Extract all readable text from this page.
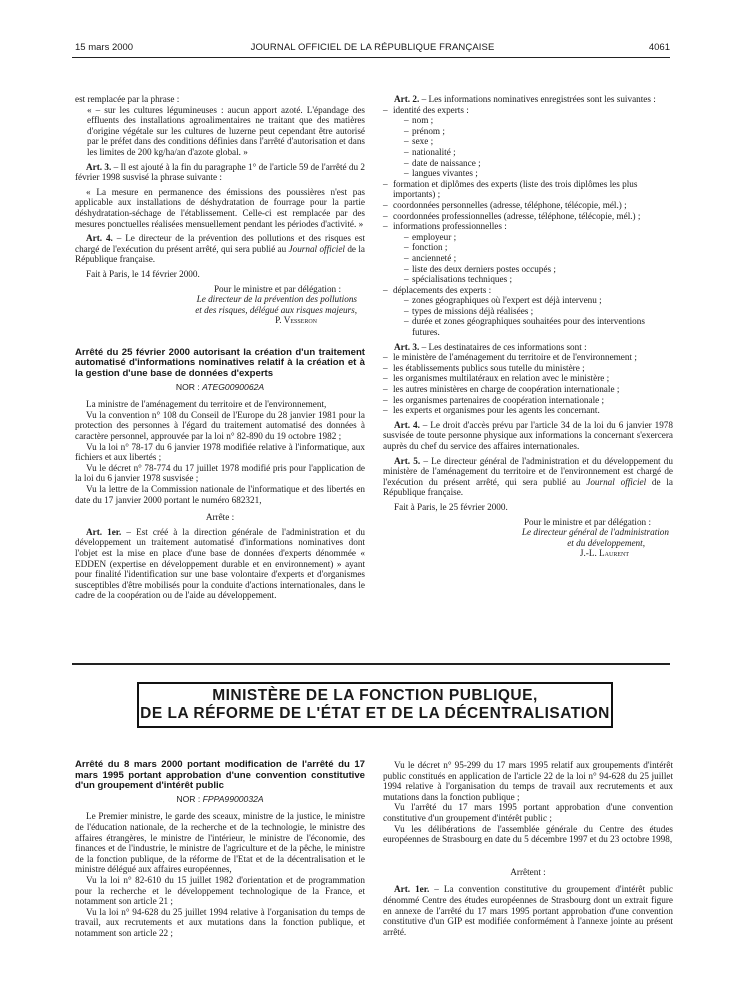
15 mars 2000	JOURNAL OFFICIEL DE LA RÉPUBLIQUE FRANÇAISE	4061

est remplacée par la phrase :

« – sur les cultures légumineuses : aucun apport azoté. L'épandage des effluents des installations agroalimentaires ne traitant que des matières d'origine végétale sur les cultures de luzerne peut cependant être autorisé par le préfet dans des conditions définies dans l'arrêté d'autorisation et dans les limites de 200 kg/ha/an d'azote global. »

Art. 3. – Il est ajouté à la fin du paragraphe 1° de l'article 59 de l'arrêté du 2 février 1998 susvisé la phrase suivante :

« La mesure en permanence des émissions des poussières n'est pas applicable aux installations de déshydratation de fourrage pour la partie déshydratation-séchage de l'établissement. Celle-ci est remplacée par des mesures ponctuelles réalisées mensuellement pendant les périodes d'activité. »

Art. 4. – Le directeur de la prévention des pollutions et des risques est chargé de l'exécution du présent arrêté, qui sera publié au Journal officiel de la République française.

Fait à Paris, le 14 février 2000.

Pour le ministre et par délégation :

Le directeur de la prévention des pollutions

et des risques, délégué aux risques majeurs,

P. Vesseron

Arrêté du 25 février 2000 autorisant la création d'un traitement automatisé d'informations nominatives relatif à la création et à la gestion d'une base de données d'experts

NOR : ATEG0090062A

La ministre de l'aménagement du territoire et de l'environnement,

Vu la convention n° 108 du Conseil de l'Europe du 28 janvier 1981 pour la protection des personnes à l'égard du traitement automatisé des données à caractère personnel, approuvée par la loi n° 82-890 du 19 octobre 1982 ;

Vu la loi n° 78-17 du 6 janvier 1978 modifiée relative à l'informatique, aux fichiers et aux libertés ;

Vu le décret n° 78-774 du 17 juillet 1978 modifié pris pour l'application de la loi du 6 janvier 1978 susvisée ;

Vu la lettre de la Commission nationale de l'informatique et des libertés en date du 17 janvier 2000 portant le numéro 682321,

Arrête :

Art. 1er. – Est créé à la direction générale de l'administration et du développement un traitement automatisé d'informations nominatives dont l'objet est la mise en place d'une base de données d'experts dénommée « EDDEN (expertise en développement durable et en environnement) » ayant pour finalité l'identification sur une base volontaire d'experts et d'organismes susceptibles d'être mobilisés pour la conduite d'actions internationales, dans le cadre de la coopération ou de l'aide au développement.

Art. 2. – Les informations nominatives enregistrées sont les suivantes :

– identité des experts :
– nom ;
– prénom ;
– sexe ;
– nationalité ;
– date de naissance ;
– langues vivantes ;
– formation et diplômes des experts (liste des trois diplômes les plus importants) ;
– coordonnées personnelles (adresse, téléphone, télécopie, mél.) ;
– coordonnées professionnelles (adresse, téléphone, télécopie, mél.) ;
– informations professionnelles :
– employeur ;
– fonction ;
– ancienneté ;
– liste des deux derniers postes occupés ;
– spécialisations techniques ;
– déplacements des experts :
– zones géographiques où l'expert est déjà intervenu ;
– types de missions déjà réalisées ;
– durée et zones géographiques souhaitées pour des interventions futures.

Art. 3. – Les destinataires de ces informations sont :

– le ministère de l'aménagement du territoire et de l'environnement ;
– les établissements publics sous tutelle du ministère ;
– les organismes multilatéraux en relation avec le ministère ;
– les autres ministères en charge de coopération internationale ;
– les organismes partenaires de coopération internationale ;
– les experts et organismes pour les agents les concernant.

Art. 4. – Le droit d'accès prévu par l'article 34 de la loi du 6 janvier 1978 susvisée de toute personne physique aux informations la concernant s'exercera auprès du chef du service des affaires internationales.

Art. 5. – Le directeur général de l'administration et du développement du ministère de l'aménagement du territoire et de l'environnement est chargé de l'exécution du présent arrêté, qui sera publié au Journal officiel de la République française.

Fait à Paris, le 25 février 2000.

Pour le ministre et par délégation :

Le directeur général de l'administration

et du développement,

J.-L. Laurent

MINISTÈRE DE LA FONCTION PUBLIQUE,
DE LA RÉFORME DE L'ÉTAT ET DE LA DÉCENTRALISATION

Arrêté du 8 mars 2000 portant modification de l'arrêté du 17 mars 1995 portant approbation d'une convention constitutive d'un groupement d'intérêt public

NOR : FPPA9900032A

Le Premier ministre, le garde des sceaux, ministre de la justice, le ministre de l'éducation nationale, de la recherche et de la technologie, le ministre des affaires étrangères, le ministre de l'intérieur, le ministre de l'économie, des finances et de l'industrie, le ministre de l'agriculture et de la pêche, le ministre de la fonction publique, de la réforme de l'Etat et de la décentralisation et le ministre délégué aux affaires européennes,

Vu la loi n° 82-610 du 15 juillet 1982 d'orientation et de programmation pour la recherche et le développement technologique de la France, et notamment son article 21 ;

Vu la loi n° 94-628 du 25 juillet 1994 relative à l'organisation du temps de travail, aux recrutements et aux mutations dans la fonction publique, et notamment son article 22 ;

Vu le décret n° 95-299 du 17 mars 1995 relatif aux groupements d'intérêt public constitués en application de l'article 22 de la loi n° 94-628 du 25 juillet 1994 relative à l'organisation du temps de travail aux recrutements et aux mutations dans la fonction publique ;

Vu l'arrêté du 17 mars 1995 portant approbation d'une convention constitutive d'un groupement d'intérêt public ;

Vu les délibérations de l'assemblée générale du Centre des études européennes de Strasbourg en date du 5 décembre 1997 et du 23 octobre 1998,

Arrêtent :

Art. 1er. – La convention constitutive du groupement d'intérêt public dénommé Centre des études européennes de Strasbourg dont un extrait figure en annexe de l'arrêté du 17 mars 1995 portant approbation d'une convention constitutive d'un GIP est modifiée conformément à l'annexe jointe au présent arrêté.
